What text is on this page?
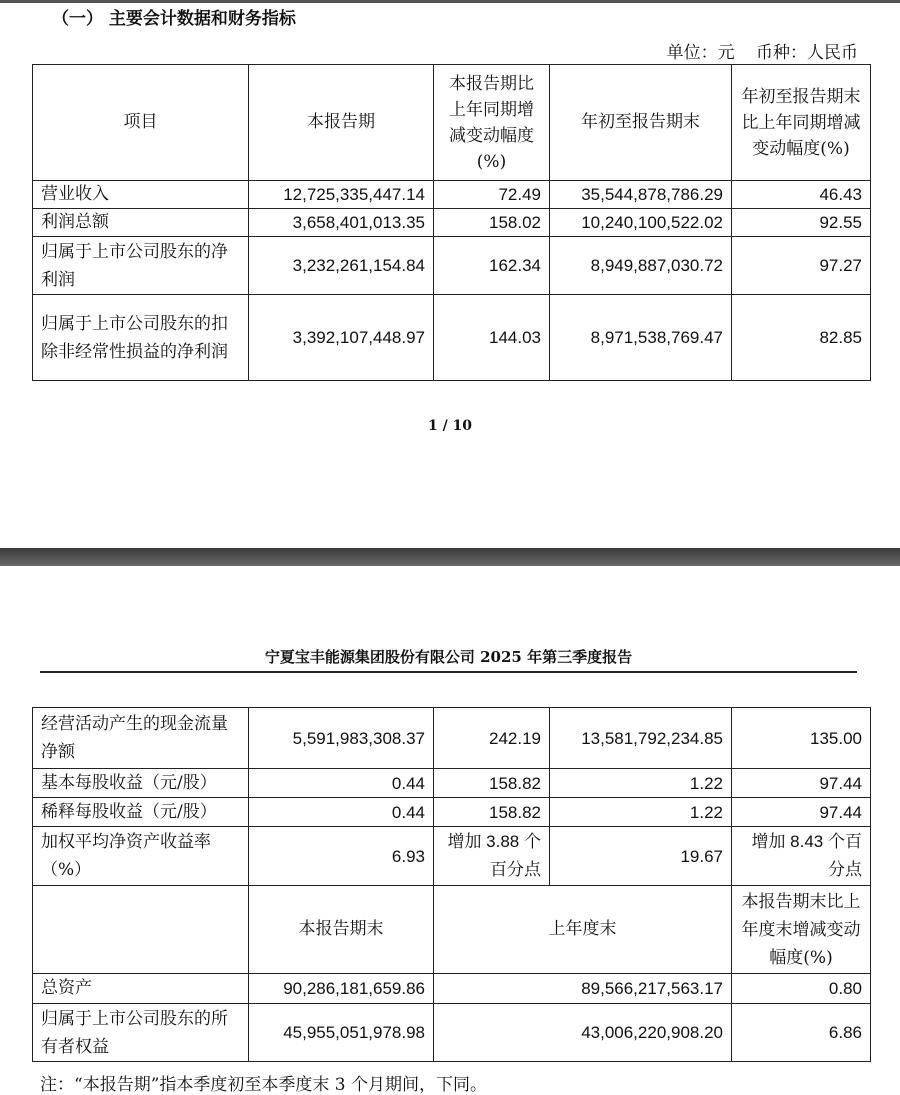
（一） 主要会计数据和财务指标
单位：元 币种：人民币
项目	本报告期	本报告期比上年同期增减变动幅度(%)	年初至报告期末	年初至报告期末比上年同期增减变动幅度(%)
营业收入	12,725,335,447.14	72.49	35,544,878,786.29	46.43
利润总额	3,658,401,013.35	158.02	10,240,100,522.02	92.55
归属于上市公司股东的净利润	3,232,261,154.84	162.34	8,949,887,030.72	97.27
归属于上市公司股东的扣除非经常性损益的净利润	3,392,107,448.97	144.03	8,971,538,769.47	82.85
1 / 10
宁夏宝丰能源集团股份有限公司 2025 年第三季度报告
经营活动产生的现金流量净额	5,591,983,308.37	242.19	13,581,792,234.85	135.00
基本每股收益（元/股）	0.44	158.82	1.22	97.44
稀释每股收益（元/股）	0.44	158.82	1.22	97.44
加权平均净资产收益率（%）	6.93	增加 3.88 个百分点	19.67	增加 8.43 个百分点
	本报告期末	上年度末		本报告期末比上年度末增减变动幅度(%)
总资产	90,286,181,659.86	89,566,217,563.17		0.80
归属于上市公司股东的所有者权益	45,955,051,978.98	43,006,220,908.20		6.86
注：“本报告期”指本季度初至本季度末 3 个月期间，下同。
